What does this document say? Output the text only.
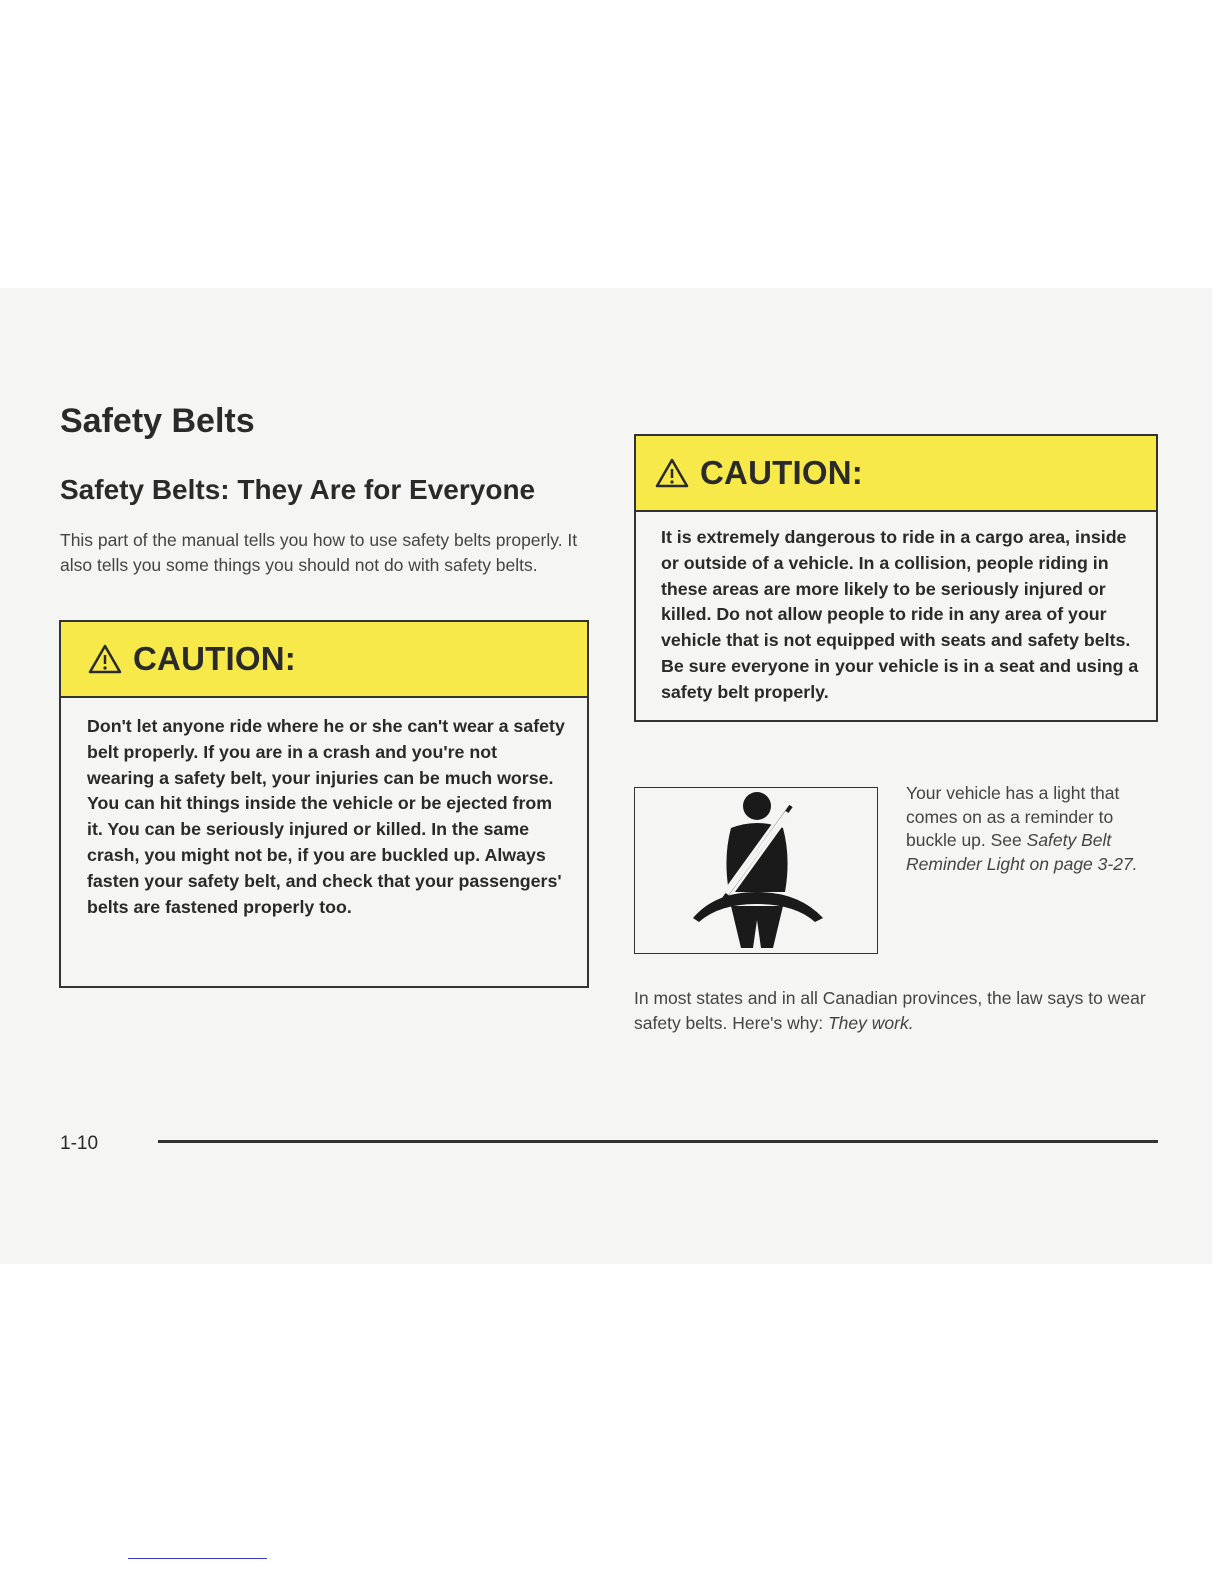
Safety Belts
Safety Belts: They Are for Everyone

This part of the manual tells you how to use safety belts properly. It also tells you some things you should not do with safety belts.

CAUTION:

Don't let anyone ride where he or she can't wear a safety belt properly. If you are in a crash and you're not wearing a safety belt, your injuries can be much worse. You can hit things inside the vehicle or be ejected from it. You can be seriously injured or killed. In the same crash, you might not be, if you are buckled up. Always fasten your safety belt, and check that your passengers' belts are fastened properly too.

CAUTION:

It is extremely dangerous to ride in a cargo area, inside or outside of a vehicle. In a collision, people riding in these areas are more likely to be seriously injured or killed. Do not allow people to ride in any area of your vehicle that is not equipped with seats and safety belts. Be sure everyone in your vehicle is in a seat and using a safety belt properly.

Your vehicle has a light that comes on as a reminder to buckle up. See Safety Belt Reminder Light on page 3-27.

In most states and in all Canadian provinces, the law says to wear safety belts. Here's why: They work.

1-10
